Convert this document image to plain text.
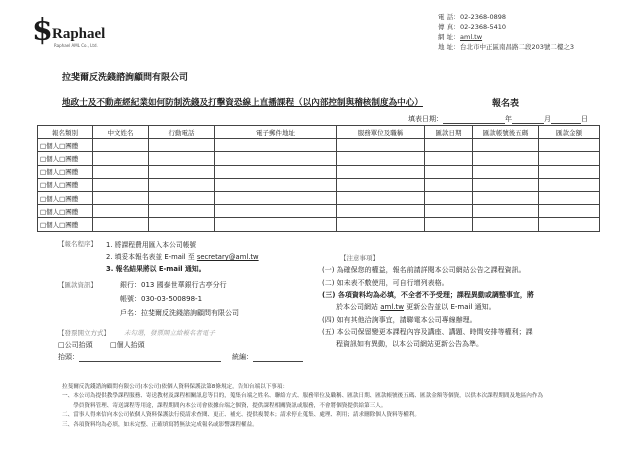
$ Raphael
Raphael AML Co., Ltd.
電 話：02-2368-0898
傳 真：02-2368-5410
網 址：aml.tw
地 址：台北市中正區南昌路二段203號二樓之3
拉斐爾反洗錢諮詢顧問有限公司
地政士及不動產經紀業如何防制洗錢及打擊資恐線上直播課程（以內部控制與稽核制度為中心）	報名表
填表日期：	年	月	日
報名類別	中文姓名	行動電話	電子郵件地址	服務單位及職稱	匯款日期	匯款帳號後五碼	匯款金額
□個人□團體							
□個人□團體							
□個人□團體							
□個人□團體							
□個人□團體							
□個人□團體							
□個人□團體							
【報名程序】 1. 將課程費用匯入本公司帳號
2. 填妥本報名表並 E-mail 至 secretary@aml.tw
3. 報名結果將以 E-mail 通知。
【匯款資訊】	銀行：013 國泰世華銀行古亭分行
帳號：030-03-500898-1
戶名：拉斐爾反洗錢諮詢顧問有限公司
【發票開立方式】 未勾選，發票開立給報名者電子
□公司抬頭 □個人抬頭
抬頭：	統編：
【注意事項】
(一) 為確保您的權益，報名前請詳閱本公司網站公告之課程資訊。
(二) 如未表不敷使用，可自行增列表格。
(三) 各項資料均為必填，不全者不予受理；課程異動或調整事宜，將
於本公司網站 aml.tw 更新公告並以 E-mail 通知。
(四) 如有其他洽詢事宜，請聯電本公司專線辦理。
(五) 本公司保留變更本課程內容及講座、講題、時間安排等權利；課
程資訊如有異動，以本公司網站更新公告為準。
拉斐爾反洗錢諮詢顧問有限公司(本公司)依個人資料保護法第8條規定，告知台端以下事項：
一、本公司為提供教學課程服務、寄送教材及課程相關訊息等目的，蒐集台端之姓名、聯絡方式、服務單位及職稱、匯款日期、匯款帳號後五碼、匯款金額等個資，以供本次課程期間及地區內作為
　　學員資料管理、寄送課程等用途，課程期間內本公司會依據台端之個資，提供課程相關資訊或服務，不會將個資提供給第三人。
二、當事人得來信向本公司依個人資料保護法行使請求查閱、更正、補充、提供複製本；請求停止蒐集、處理、利用；請求刪除個人資料等權利。
三、各項資料均為必填，如未完整、正確填寫將無法完成報名或影響課程權益。
